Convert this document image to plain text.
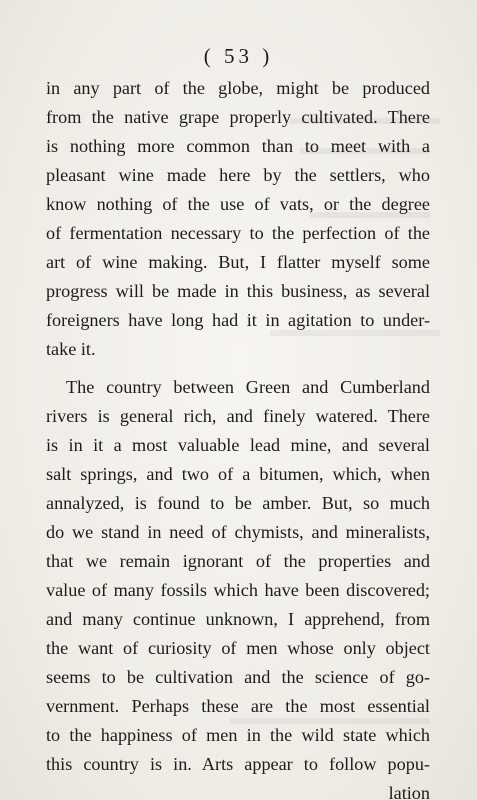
( 53 )
in any part of the globe, might be produced
from the native grape properly cultivated. There
is nothing more common than to meet with a
pleasant wine made here by the settlers, who
know nothing of the use of vats, or the degree
of fermentation necessary to the perfection of the
art of wine making. But, I flatter myself some
progress will be made in this business, as several
foreigners have long had it in agitation to under-
take it.
The country between Green and Cumberland
rivers is general rich, and finely watered. There
is in it a most valuable lead mine, and several
salt springs, and two of a bitumen, which, when
annalyzed, is found to be amber. But, so much
do we stand in need of chymists, and mineralists,
that we remain ignorant of the properties and
value of many fossils which have been discovered;
and many continue unknown, I apprehend, from
the want of curiosity of men whose only object
seems to be cultivation and the science of go-
vernment. Perhaps these are the most essential
to the happiness of men in the wild state which
this country is in. Arts appear to follow popu-
lation
